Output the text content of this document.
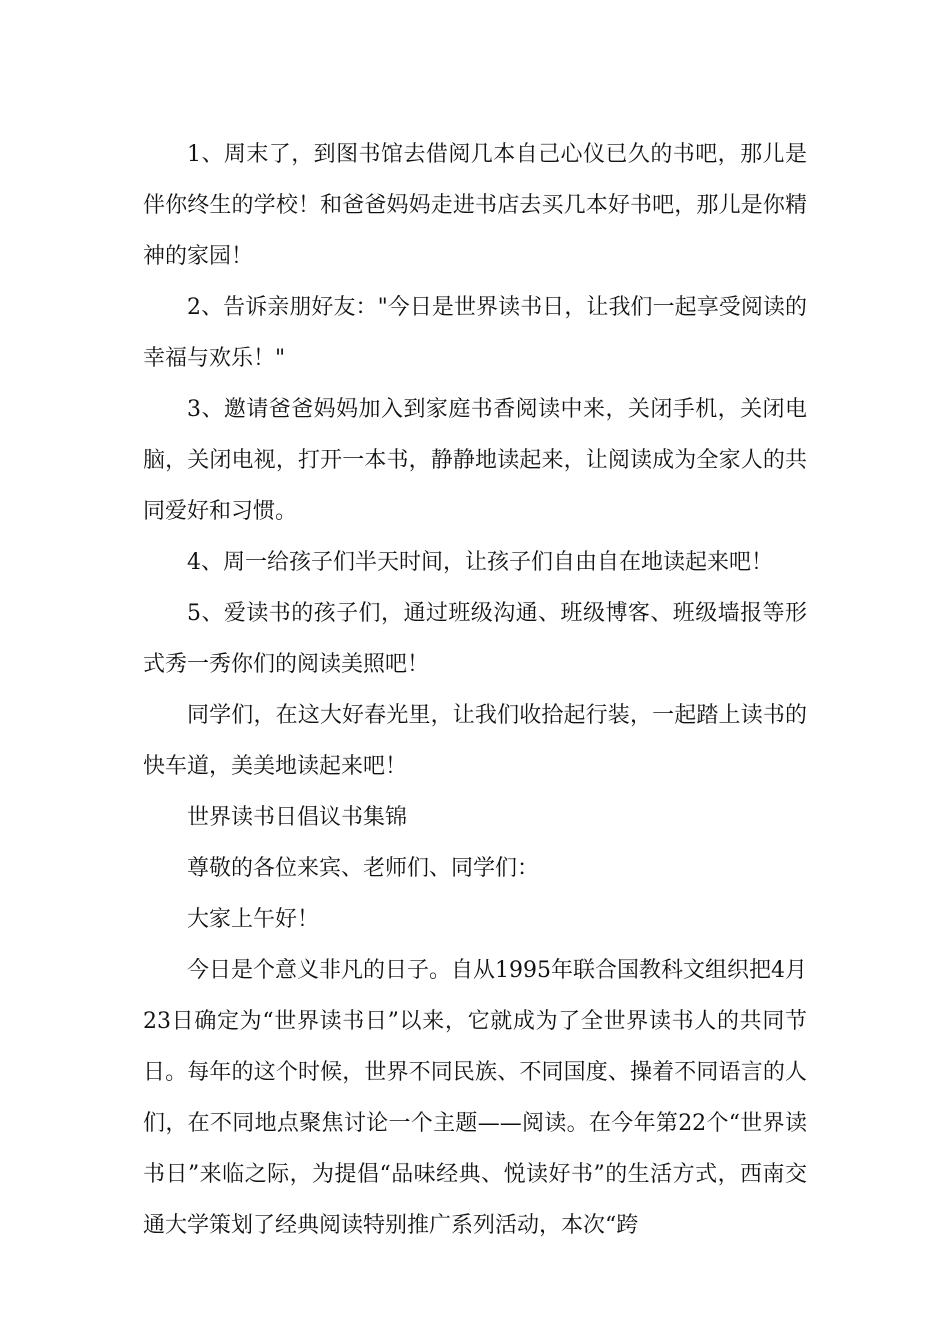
1、周末了，到图书馆去借阅几本自己心仪已久的书吧，那儿是伴你终生的学校！和爸爸妈妈走进书店去买几本好书吧，那儿是你精神的家园！

2、告诉亲朋好友："今日是世界读书日，让我们一起享受阅读的幸福与欢乐！"

3、邀请爸爸妈妈加入到家庭书香阅读中来，关闭手机，关闭电脑，关闭电视，打开一本书，静静地读起来，让阅读成为全家人的共同爱好和习惯。

4、周一给孩子们半天时间，让孩子们自由自在地读起来吧！

5、爱读书的孩子们，通过班级沟通、班级博客、班级墙报等形式秀一秀你们的阅读美照吧！

同学们，在这大好春光里，让我们收拾起行装，一起踏上读书的快车道，美美地读起来吧！

世界读书日倡议书集锦

尊敬的各位来宾、老师们、同学们：

大家上午好！

今日是个意义非凡的日子。自从1995年联合国教科文组织把4月23日确定为“世界读书日”以来，它就成为了全世界读书人的共同节日。每年的这个时候，世界不同民族、不同国度、操着不同语言的人们，在不同地点聚焦讨论一个主题——阅读。在今年第22个“世界读书日”来临之际，为提倡“品味经典、悦读好书”的生活方式，西南交通大学策划了经典阅读特别推广系列活动，本次“跨
